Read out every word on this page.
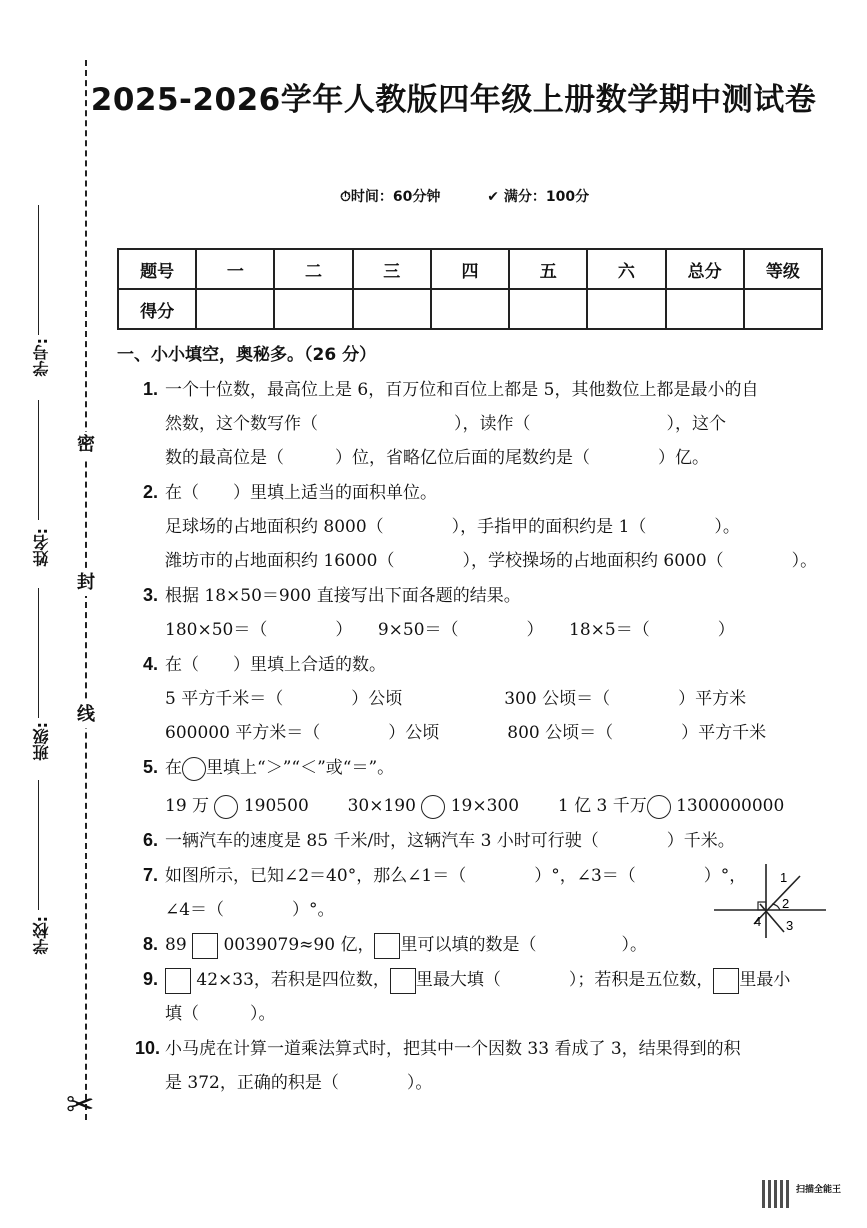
密
封
线
学号:
姓名:
班级:
学校:
✂
2025-2026学年人教版四年级上册数学期中测试卷
⏱时间：60分钟	✔ 满分：100分
题号	一	二	三	四	五	六	总分	等级
得分								
一、小小填空，奥秘多。（26 分）
1. 一个十位数，最高位上是 6，百万位和百位上都是 5，其他数位上都是最小的自
然数，这个数写作（　　　　　　　　），读作（　　　　　　　　），这个
数的最高位是（　　　）位，省略亿位后面的尾数约是（　　　　）亿。
2. 在（　　）里填上适当的面积单位。
足球场的占地面积约 8000（　　　　），手指甲的面积约是 1（　　　　）。
潍坊市的占地面积约 16000（　　　　），学校操场的占地面积约 6000（　　　　）。
3. 根据 18×50＝900 直接写出下面各题的结果。
180×50＝（　　　　）　　9×50＝（　　　　）　　18×5＝（　　　　）
4. 在（　　）里填上合适的数。
5 平方千米＝（　　　　）公顷　　　　　　300 公顷＝（　　　　）平方米
600000 平方米＝（　　　　）公顷　　　　800 公顷＝（　　　　）平方千米
5. 在 里填上“＞”“＜”或“＝”。
19 万 190500 30×190 19×300 1 亿 3 千万 1300000000
6. 一辆汽车的速度是 85 千米/时，这辆汽车 3 小时可行驶（　　　　）千米。
7. 如图所示，已知∠2＝40°，那么∠1＝（　　　　）°，∠3＝（　　　　）°，
∠4＝（　　　　）°。
8. 89 0039079≈90 亿， 里可以填的数是（　　　　　）。
9. 42×33，若积是四位数， 里最大填（　　　　）；若积是五位数， 里最小
填（　　　）。
10. 小马虎在计算一道乘法算式时，把其中一个因数 33 看成了 3，结果得到的积
是 372，正确的积是（　　　　）。
1
2
3
4
扫描全能王
